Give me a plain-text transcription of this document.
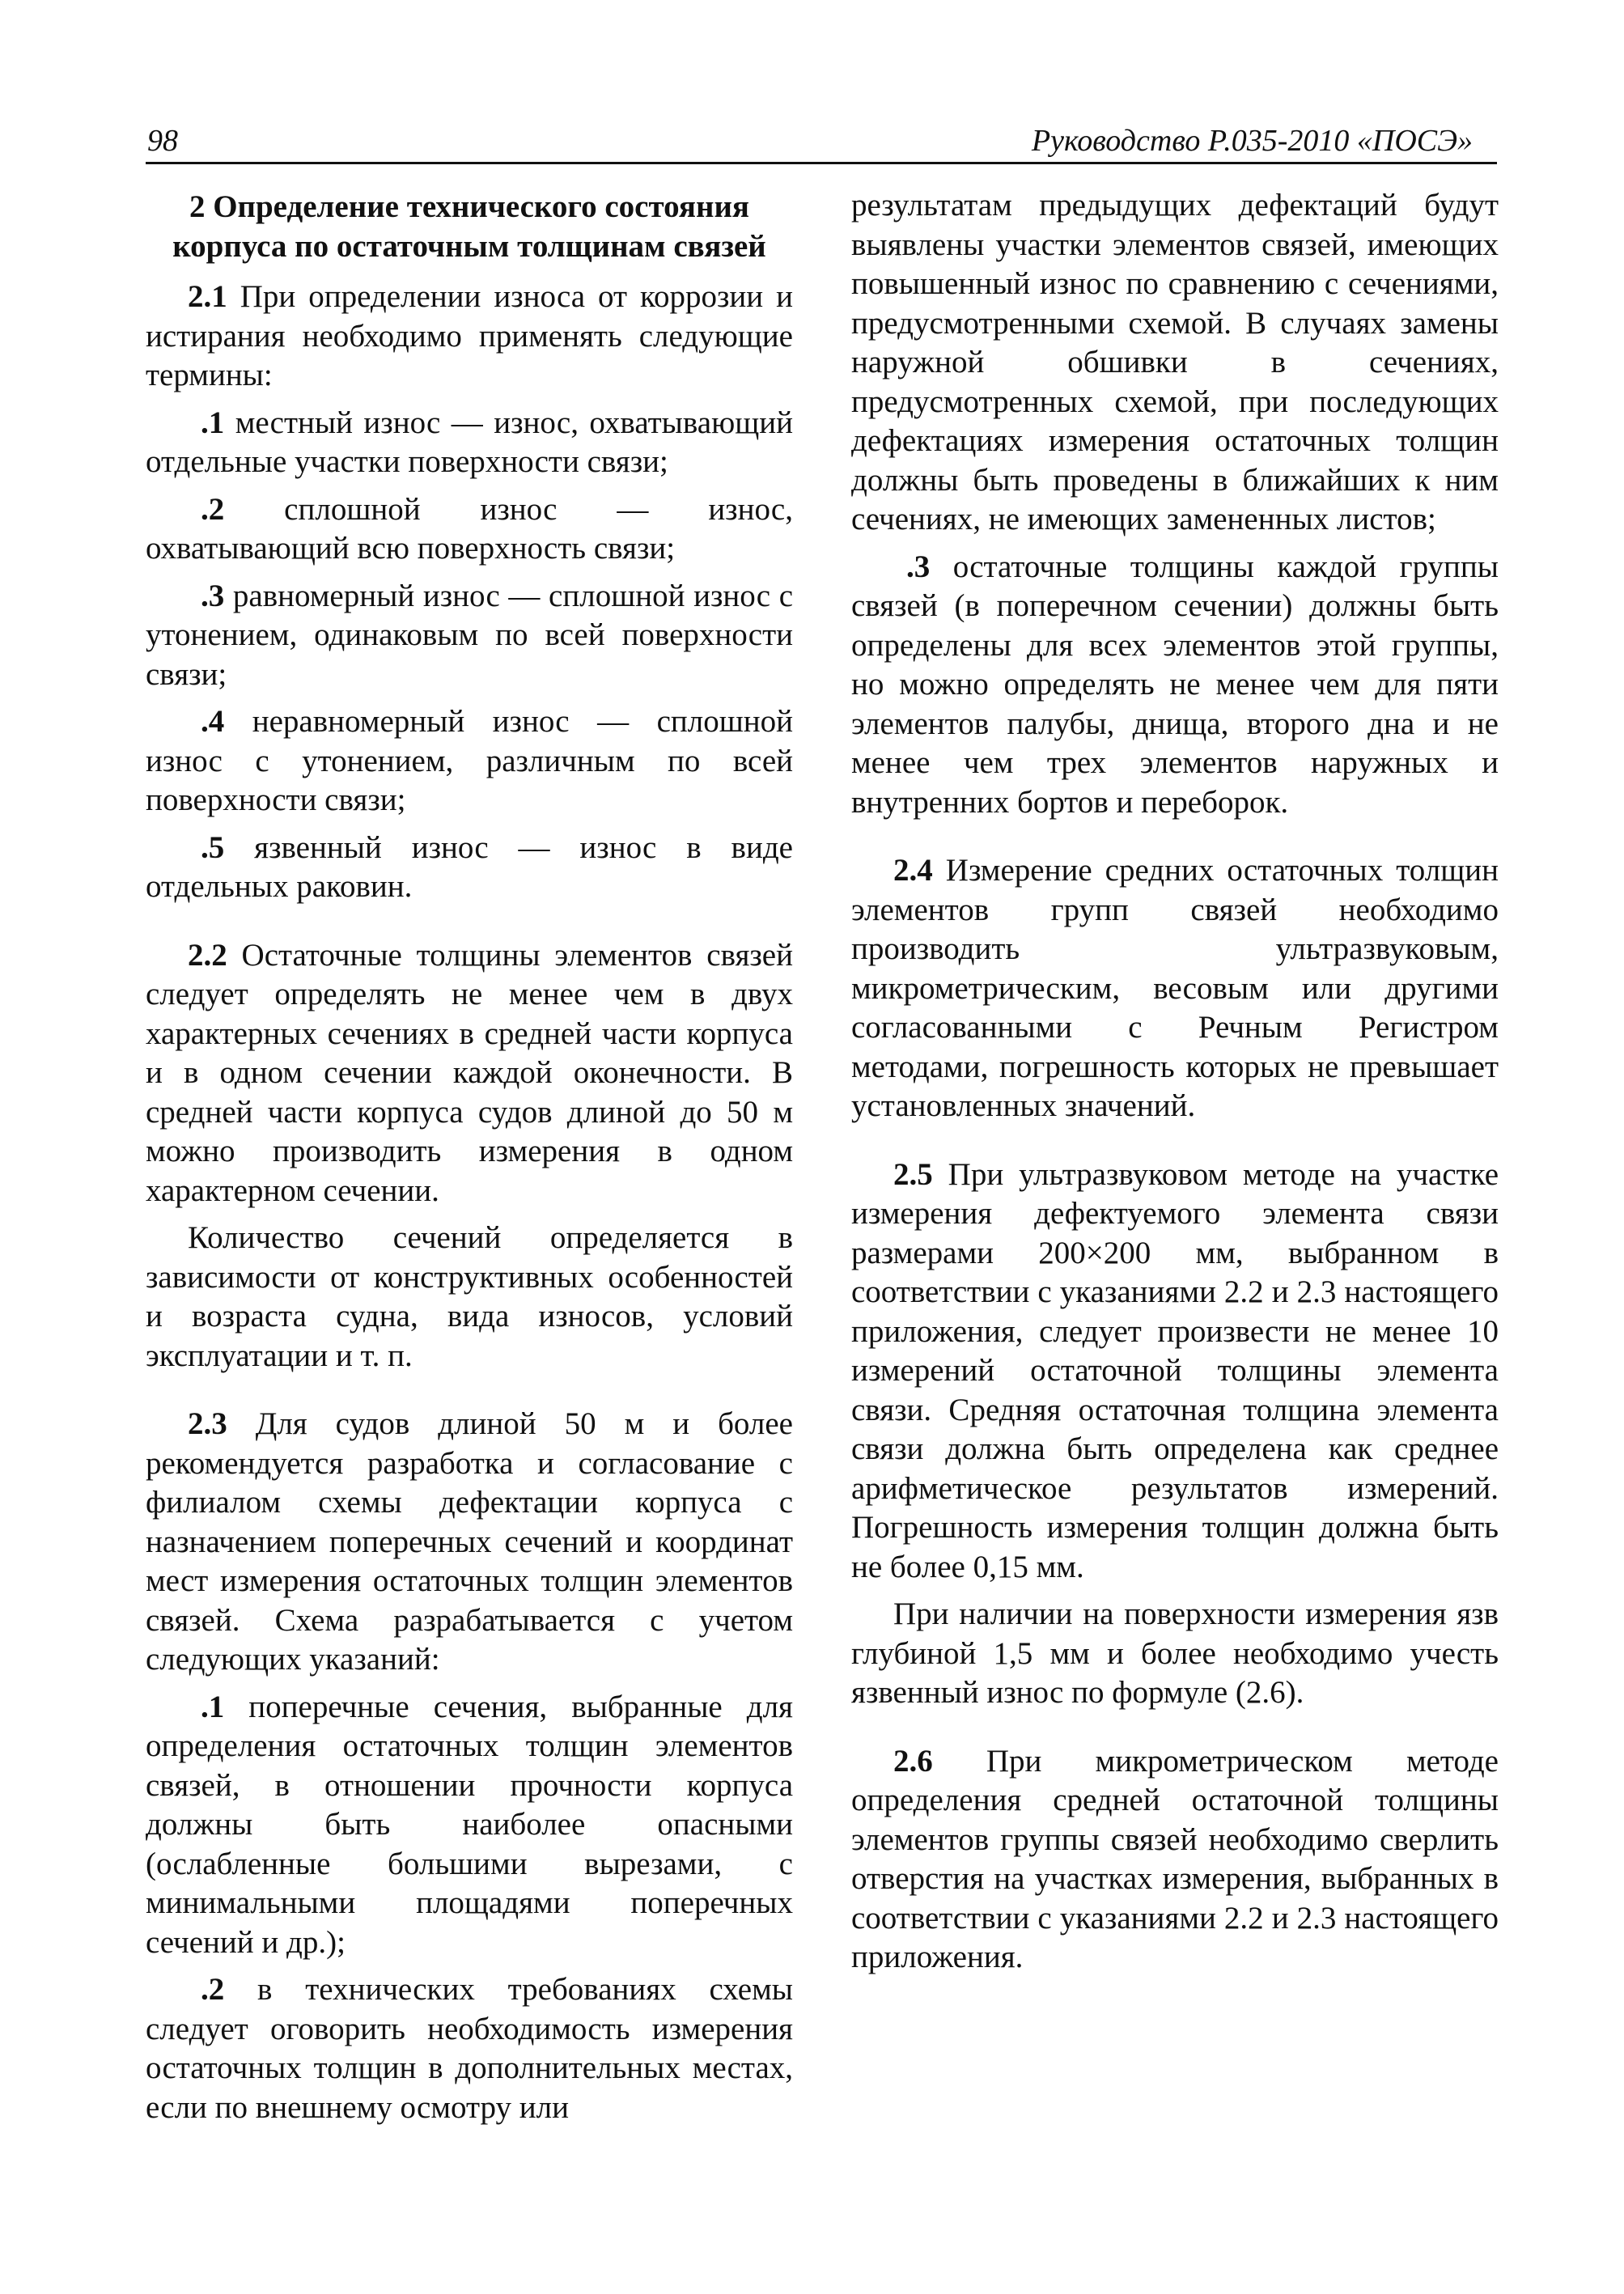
98	Руководство Р.035-2010 «ПОСЭ»
2 Определение технического состояния
корпуса по остаточным толщинам связей

2.1 При определении износа от коррозии и истирания необходимо применять следующие термины:

.1 местный износ — износ, охватывающий отдельные участки поверхности связи;

.2 сплошной износ — износ, охватывающий всю поверхность связи;

.3 равномерный износ — сплошной износ с утонением, одинаковым по всей поверхности связи;

.4 неравномерный износ — сплошной износ с утонением, различным по всей поверхности связи;

.5 язвенный износ — износ в виде отдельных раковин.

2.2 Остаточные толщины элементов связей следует определять не менее чем в двух характерных сечениях в средней части корпуса и в одном сечении каждой оконечности. В средней части корпуса судов длиной до 50 м можно производить измерения в одном характерном сечении.

Количество сечений определяется в зависимости от конструктивных особенностей и возраста судна, вида износов, условий эксплуатации и т. п.

2.3 Для судов длиной 50 м и более рекомендуется разработка и согласование с филиалом схемы дефектации корпуса с назначением поперечных сечений и координат мест измерения остаточных толщин элементов связей. Схема разрабатывается с учетом следующих указаний:

.1 поперечные сечения, выбранные для определения остаточных толщин элементов связей, в отношении прочности корпуса должны быть наиболее опасными (ослабленные большими вырезами, с минимальными площадями поперечных сечений и др.);

.2 в технических требованиях схемы следует оговорить необходимость измерения остаточных толщин в дополнительных местах, если по внешнему осмотру или

результатам предыдущих дефектаций будут выявлены участки элементов связей, имеющих повышенный износ по сравнению с сечениями, предусмотренными схемой. В случаях замены наружной обшивки в сечениях, предусмотренных схемой, при последующих дефектациях измерения остаточных толщин должны быть проведены в ближайших к ним сечениях, не имеющих замененных листов;

.3 остаточные толщины каждой группы связей (в поперечном сечении) должны быть определены для всех элементов этой группы, но можно определять не менее чем для пяти элементов палубы, днища, второго дна и не менее чем трех элементов наружных и внутренних бортов и переборок.

2.4 Измерение средних остаточных толщин элементов групп связей необходимо производить ультразвуковым, микрометрическим, весовым или другими согласованными с Речным Регистром методами, погрешность которых не превышает установленных значений.

2.5 При ультразвуковом методе на участке измерения дефектуемого элемента связи размерами 200×200 мм, выбранном в соответствии с указаниями 2.2 и 2.3 настоящего приложения, следует произвести не менее 10 измерений остаточной толщины элемента связи. Средняя остаточная толщина элемента связи должна быть определена как среднее арифметическое результатов измерений. Погрешность измерения толщин должна быть не более 0,15 мм.

При наличии на поверхности измерения язв глубиной 1,5 мм и более необходимо учесть язвенный износ по формуле (2.6).

2.6 При микрометрическом методе определения средней остаточной толщины элементов группы связей необходимо сверлить отверстия на участках измерения, выбранных в соответствии с указаниями 2.2 и 2.3 настоящего приложения.
